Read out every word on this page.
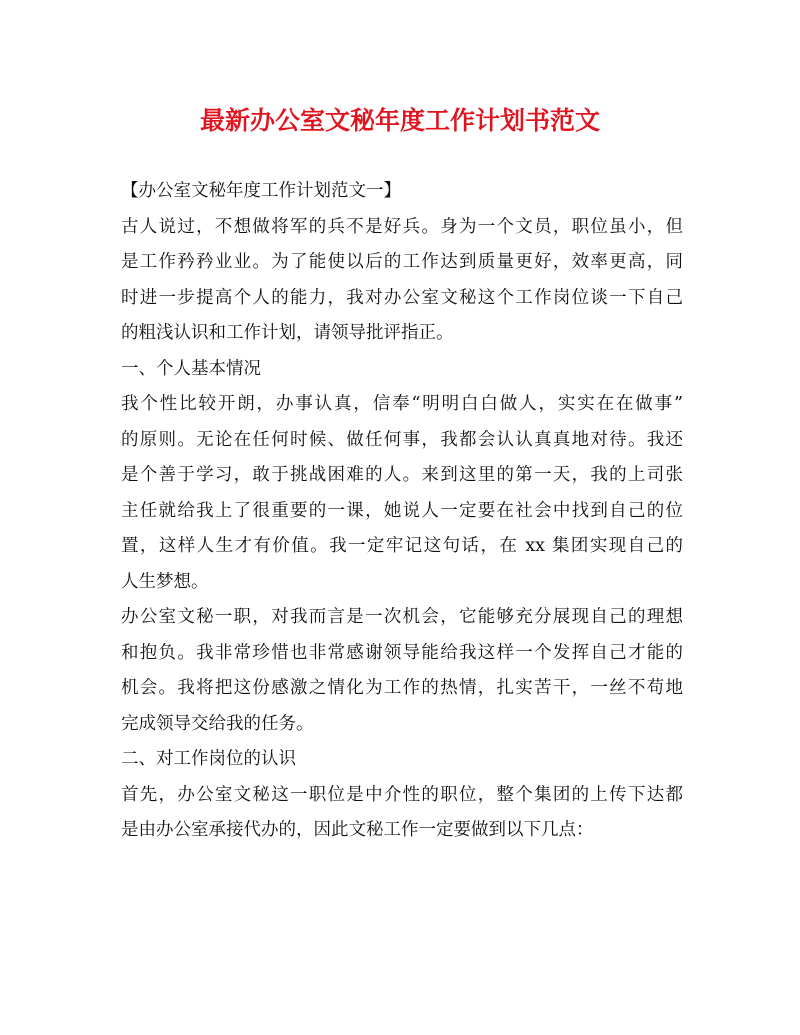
最新办公室文秘年度工作计划书范文
【办公室文秘年度工作计划范文一】
古人说过，不想做将军的兵不是好兵。身为一个文员，职位虽小，但
是工作矜矜业业。为了能使以后的工作达到质量更好，效率更高，同
时进一步提高个人的能力，我对办公室文秘这个工作岗位谈一下自己
的粗浅认识和工作计划，请领导批评指正。
一、个人基本情况
我个性比较开朗，办事认真，信奉“明明白白做人，实实在在做事”
的原则。无论在任何时候、做任何事，我都会认认真真地对待。我还
是个善于学习，敢于挑战困难的人。来到这里的第一天，我的上司张
主任就给我上了很重要的一课，她说人一定要在社会中找到自己的位
置，这样人生才有价值。我一定牢记这句话，在 xx 集团实现自己的
人生梦想。
办公室文秘一职，对我而言是一次机会，它能够充分展现自己的理想
和抱负。我非常珍惜也非常感谢领导能给我这样一个发挥自己才能的
机会。我将把这份感激之情化为工作的热情，扎实苦干，一丝不苟地
完成领导交给我的任务。
二、对工作岗位的认识
首先，办公室文秘这一职位是中介性的职位，整个集团的上传下达都
是由办公室承接代办的，因此文秘工作一定要做到以下几点：
